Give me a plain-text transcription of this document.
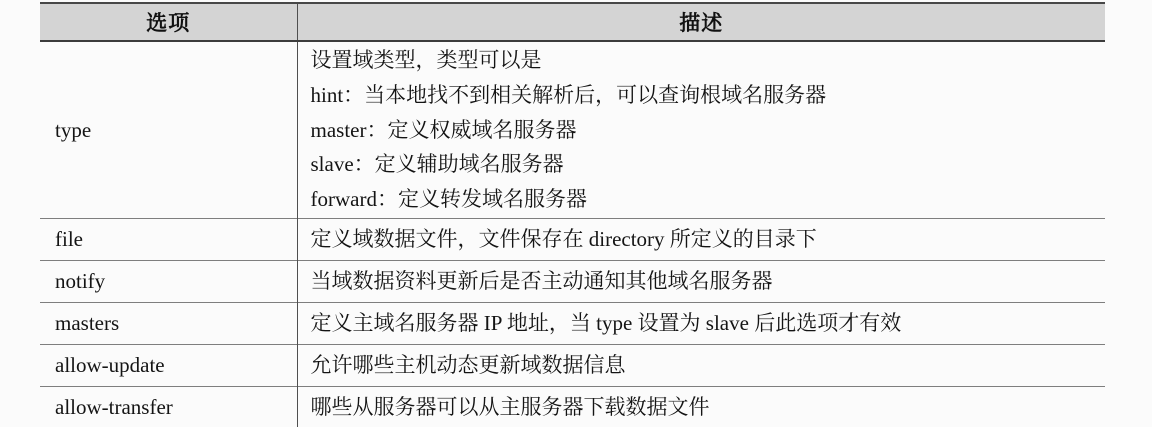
选项	描述
type	设置域类型，类型可以是
hint：当本地找不到相关解析后，可以查询根域名服务器
master：定义权威域名服务器
slave：定义辅助域名服务器
forward：定义转发域名服务器

file	定义域数据文件，文件保存在 directory 所定义的目录下

notify	当域数据资料更新后是否主动通知其他域名服务器

masters	定义主域名服务器 IP 地址，当 type 设置为 slave 后此选项才有效

allow-update	允许哪些主机动态更新域数据信息

allow-transfer	哪些从服务器可以从主服务器下载数据文件
